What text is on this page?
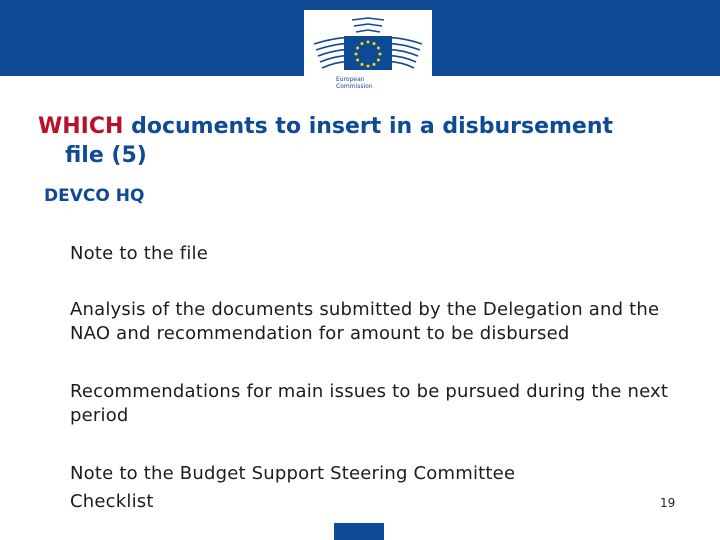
European
Commission
WHICH documents to insert in a disbursement
file (5)
DEVCO HQ
Note to the file
Analysis of the documents submitted by the Delegation and the NAO and recommendation for amount to be disbursed
Recommendations for main issues to be pursued during the next period
Note to the Budget Support Steering Committee
Checklist	19
